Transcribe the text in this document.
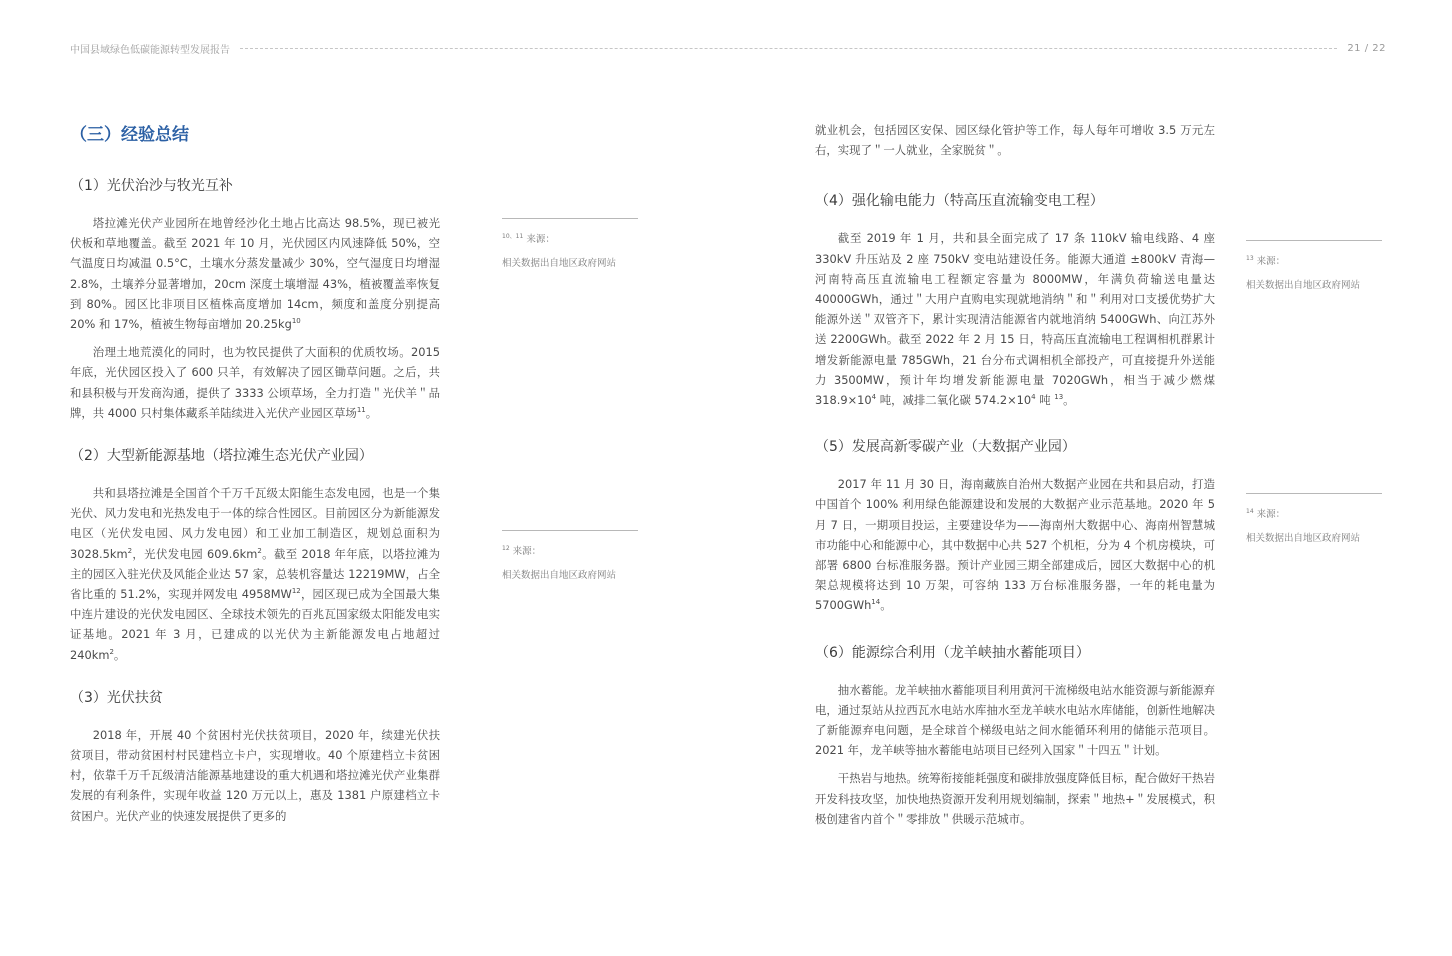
中国县域绿色低碳能源转型发展报告	21 / 22
（三）经验总结
（1）光伏治沙与牧光互补

塔拉滩光伏产业园所在地曾经沙化土地占比高达 98.5%，现已被光伏板和草地覆盖。截至 2021 年 10 月，光伏园区内风速降低 50%，空气温度日均减温 0.5°C，土壤水分蒸发量减少 30%，空气湿度日均增湿 2.8%，土壤养分显著增加，20cm 深度土壤增湿 43%，植被覆盖率恢复到 80%。园区比非项目区植株高度增加 14cm，频度和盖度分别提高 20% 和 17%，植被生物每亩增加 $20.25kg^{10}$

治理土地荒漠化的同时，也为牧民提供了大面积的优质牧场。2015 年底，光伏园区投入了 600 只羊，有效解决了园区锄草问题。之后，共和县积极与开发商沟通，提供了 3333 公顷草场，全力打造＂光伏羊＂品牌，共 4000 只村集体藏系羊陆续进入光伏产业园区草场$^{11}$。

（2）大型新能源基地（塔拉滩生态光伏产业园）

共和县塔拉滩是全国首个千万千瓦级太阳能生态发电园，也是一个集光伏、风力发电和光热发电于一体的综合性园区。目前园区分为新能源发电区（光伏发电园、风力发电园）和工业加工制造区，规划总面积为 $3028.5km^2$，光伏发电园 $609.6km^2$。截至 2018 年年底，以塔拉滩为主的园区入驻光伏及风能企业达 57 家，总装机容量达 12219MW，占全省比重的 51.2%，实现并网发电 4958MW$^{12}$，园区现已成为全国最大集中连片建设的光伏发电园区、全球技术领先的百兆瓦国家级太阳能发电实证基地。2021 年 3 月，已建成的以光伏为主新能源发电占地超过 $240km^2$。

（3）光伏扶贫

2018 年，开展 40 个贫困村光伏扶贫项目，2020 年，续建光伏扶贫项目，带动贫困村村民建档立卡户，实现增收。40 个原建档立卡贫困村，依靠千万千瓦级清洁能源基地建设的重大机遇和塔拉滩光伏产业集群发展的有利条件，实现年收益 120 万元以上，惠及 1381 户原建档立卡贫困户。光伏产业的快速发展提供了更多的

$^{10、11}$ 来源：
相关数据出自地区政府网站
$^{12}$ 来源：
相关数据出自地区政府网站

就业机会，包括园区安保、园区绿化管护等工作，每人每年可增收 3.5 万元左右，实现了＂一人就业，全家脱贫＂。

（4）强化输电能力（特高压直流输变电工程）

截至 2019 年 1 月，共和县全面完成了 17 条 110kV 输电线路、4 座 330kV 升压站及 2 座 750kV 变电站建设任务。能源大通道 ±800kV 青海—河南特高压直流输电工程额定容量为 8000MW，年满负荷输送电量达 40000GWh，通过＂大用户直购电实现就地消纳＂和＂利用对口支援优势扩大能源外送＂双管齐下，累计实现清洁能源省内就地消纳 5400GWh、向江苏外送 2200GWh。截至 2022 年 2 月 15 日，特高压直流输电工程调相机群累计增发新能源电量 785GWh，21 台分布式调相机全部投产，可直接提升外送能力 3500MW，预计年均增发新能源电量 7020GWh，相当于减少燃煤 $318.9\times 10^4$ 吨，减排二氧化碳 $574.2\times 10^4$ 吨 $^{13}$。

（5）发展高新零碳产业（大数据产业园）

2017 年 11 月 30 日，海南藏族自治州大数据产业园在共和县启动，打造中国首个 100% 利用绿色能源建设和发展的大数据产业示范基地。2020 年 5 月 7 日，一期项目投运，主要建设华为——海南州大数据中心、海南州智慧城市功能中心和能源中心，其中数据中心共 527 个机柜，分为 4 个机房模块，可部署 6800 台标准服务器。预计产业园三期全部建成后，园区大数据中心的机架总规模将达到 10 万架，可容纳 133 万台标准服务器，一年的耗电量为 5700GWh$^{14}$。

（6）能源综合利用（龙羊峡抽水蓄能项目）

抽水蓄能。龙羊峡抽水蓄能项目利用黄河干流梯级电站水能资源与新能源弃电，通过泵站从拉西瓦水电站水库抽水至龙羊峡水电站水库储能，创新性地解决了新能源弃电问题，是全球首个梯级电站之间水能循环利用的储能示范项目。2021 年，龙羊峡等抽水蓄能电站项目已经列入国家＂十四五＂计划。

干热岩与地热。统筹衔接能耗强度和碳排放强度降低目标，配合做好干热岩开发科技攻坚，加快地热资源开发利用规划编制，探索＂地热+＂发展模式，积极创建省内首个＂零排放＂供暖示范城市。

$^{13}$ 来源：
相关数据出自地区政府网站
$^{14}$ 来源：
相关数据出自地区政府网站
